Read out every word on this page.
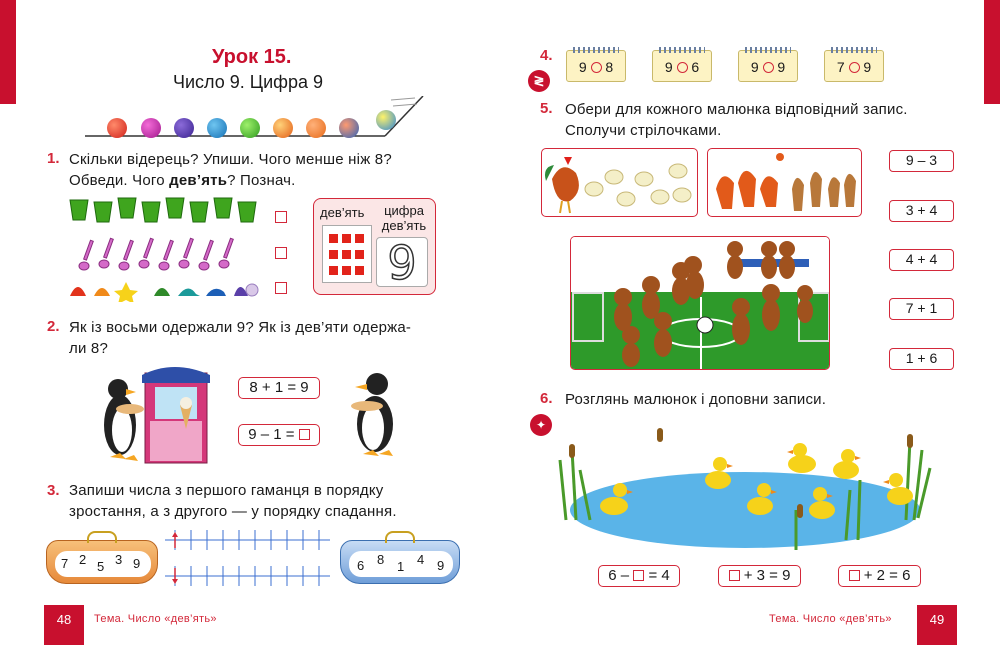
Урок 15.
Число 9. Цифра 9
1. Скільки відерець? Упиши. Чого менше ніж 8?
Обведи. Чого дев’ять? Познач.
дев’ять	цифра
дев’ять
9
2. Як із восьми одержали 9? Як із дев’яти одержа-
ли 8?
8 + 1 = 9
9 – 1 =
3. Запиши числа з першого гаманця в порядку
зростання, а з другого — у порядку спадання.
7 2 5 3 9	6 8 1 4 9
48	Тема. Число «дев’ять»
4.
≷
9 8	9 6	9 9	7 9
5. Обери для кожного малюнка відповідний запис.
Сполучи стрілочками.
9 – 3
3 + 4
4 + 4
7 + 1
1 + 6
6.
✦
Розглянь малюнок і доповни записи.
6 – = 4	+ 3 = 9	+ 2 = 6
Тема. Число «дев’ять»	49
